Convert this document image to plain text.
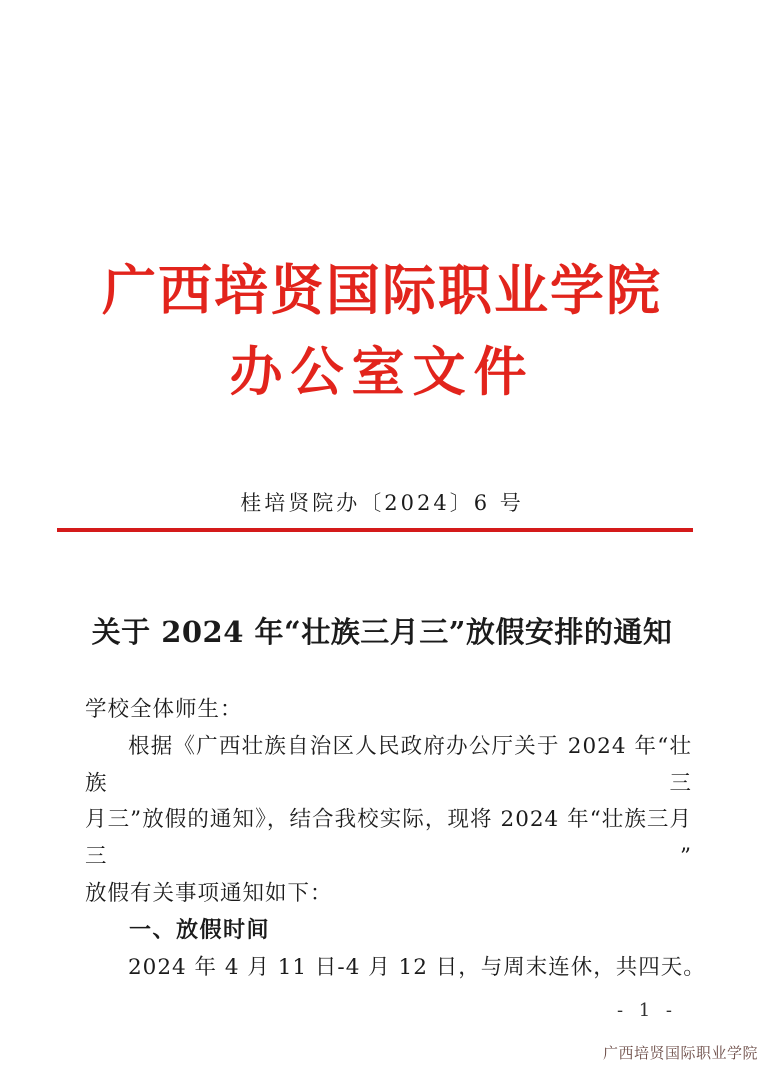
广西培贤国际职业学院
办公室文件
桂培贤院办〔2024〕6 号
关于 2024 年“壮族三月三”放假安排的通知
学校全体师生：
根据《广西壮族自治区人民政府办公厅关于 2024 年“壮族三
月三”放假的通知》，结合我校实际，现将 2024 年“壮族三月三”
放假有关事项通知如下：
一、放假时间
2024 年 4 月 11 日-4 月 12 日，与周末连休，共四天。
- 1 -
广西培贤国际职业学院
